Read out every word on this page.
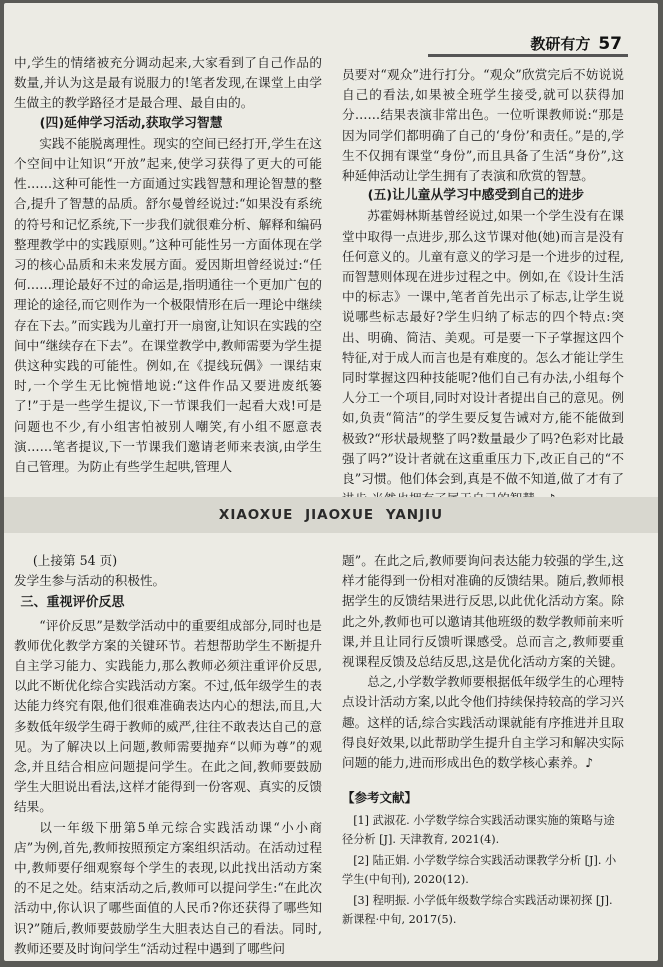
教研有方 57

中,学生的情绪被充分调动起来,大家看到了自己作品的数量,并认为这是最有说服力的!笔者发现,在课堂上由学生做主的教学路径才是最合理、最自由的。

(四)延伸学习活动,获取学习智慧

实践不能脱离理性。现实的空间已经打开,学生在这个空间中让知识“开放”起来,使学习获得了更大的可能性……这种可能性一方面通过实践智慧和理论智慧的整合,提升了智慧的品质。舒尔曼曾经说过:“如果没有系统的符号和记忆系统,下一步我们就很难分析、解释和编码整理教学中的实践原则。”这种可能性另一方面体现在学习的核心品质和未来发展方面。爱因斯坦曾经说过:“任何……理论最好不过的命运是,指明通往一个更加广包的理论的途径,而它则作为一个极限情形在后一理论中继续存在下去。”而实践为儿童打开一扇窗,让知识在实践的空间中“继续存在下去”。在课堂教学中,教师需要为学生提供这种实践的可能性。例如,在《提线玩偶》一课结束时,一个学生无比惋惜地说:“这件作品又要进废纸篓了!”于是一些学生提议,下一节课我们一起看大戏!可是问题也不少,有小组害怕被别人嘲笑,有小组不愿意表演……笔者提议,下一节课我们邀请老师来表演,由学生自己管理。为防止有些学生起哄,管理人

员要对“观众”进行打分。“观众”欣赏完后不妨说说自己的看法,如果被全班学生接受,就可以获得加分……结果表演非常出色。一位听课教师说:“那是因为同学们都明确了自己的‘身份’和责任。”是的,学生不仅拥有课堂“身份”,而且具备了生活“身份”,这种延伸活动让学生拥有了表演和欣赏的智慧。

(五)让儿童从学习中感受到自己的进步

苏霍姆林斯基曾经说过,如果一个学生没有在课堂中取得一点进步,那么这节课对他(她)而言是没有任何意义的。儿童有意义的学习是一个进步的过程,而智慧则体现在进步过程之中。例如,在《设计生活中的标志》一课中,笔者首先出示了标志,让学生说说哪些标志最好?学生归纳了标志的四个特点:突出、明确、简洁、美观。可是要一下子掌握这四个特征,对于成人而言也是有难度的。怎么才能让学生同时掌握这四种技能呢?他们自己有办法,小组每个人分工一个项目,同时对设计者提出自己的意见。例如,负责“简洁”的学生要反复告诫对方,能不能做到极致?“形状最规整了吗?数量最少了吗?色彩对比最强了吗?”设计者就在这重重压力下,改正自己的“不良”习惯。他们体会到,真是不做不知道,做了才有了

XIAOXUE JIAOXUE YANJIU

(上接第 54 页)

发学生参与活动的积极性。

三、重视评价反思

“评价反思”是数学活动中的重要组成部分,同时也是教师优化教学方案的关键环节。若想帮助学生不断提升自主学习能力、实践能力,那么教师必须注重评价反思,以此不断优化综合实践活动方案。不过,低年级学生的表达能力终究有限,他们很难准确表达内心的想法,而且,大多数低年级学生碍于教师的威严,往往不敢表达自己的意见。为了解决以上问题,教师需要抛弃“以师为尊”的观念,并且结合相应问题提问学生。在此之间,教师要鼓励学生大胆说出看法,这样才能得到一份客观、真实的反馈结果。

以一年级下册第5单元综合实践活动课“小小商店”为例,首先,教师按照预定方案组织活动。在活动过程中,教师要仔细观察每个学生的表现,以此找出活动方案的不足之处。结束活动之后,教师可以提问学生:“在此次活动中,你认识了哪些面值的人民币?你还获得了哪些知识?”随后,教师要鼓励学生大胆表达自己的看法。同时,教师还要及时询问学生“活动过程中遇到了哪些问

题”。在此之后,教师要询问表达能力较强的学生,这样才能得到一份相对准确的反馈结果。随后,教师根据学生的反馈结果进行反思,以此优化活动方案。除此之外,教师也可以邀请其他班级的数学教师前来听课,并且让同行反馈听课感受。总而言之,教师要重视课程反馈及总结反思,这是优化活动方案的关键。

总之,小学数学教师要根据低年级学生的心理特点设计活动方案,以此令他们持续保持较高的学习兴趣。这样的话,综合实践活动课就能有序推进并且取得良好效果,以此帮助学生提升自主学习和解决实际问题的能力,进而形成出色的数学核心素养。♪

【参考文献】

[1] 武淑花. 小学数学综合实践活动课实施的策略与途径分析 [J]. 天津教育, 2021(4).

[2] 陆正娟. 小学数学综合实践活动课教学分析 [J]. 小学生(中旬刊), 2020(12).

[3] 程明振. 小学低年级数学综合实践活动课初探 [J]. 新课程·中旬, 2017(5).
